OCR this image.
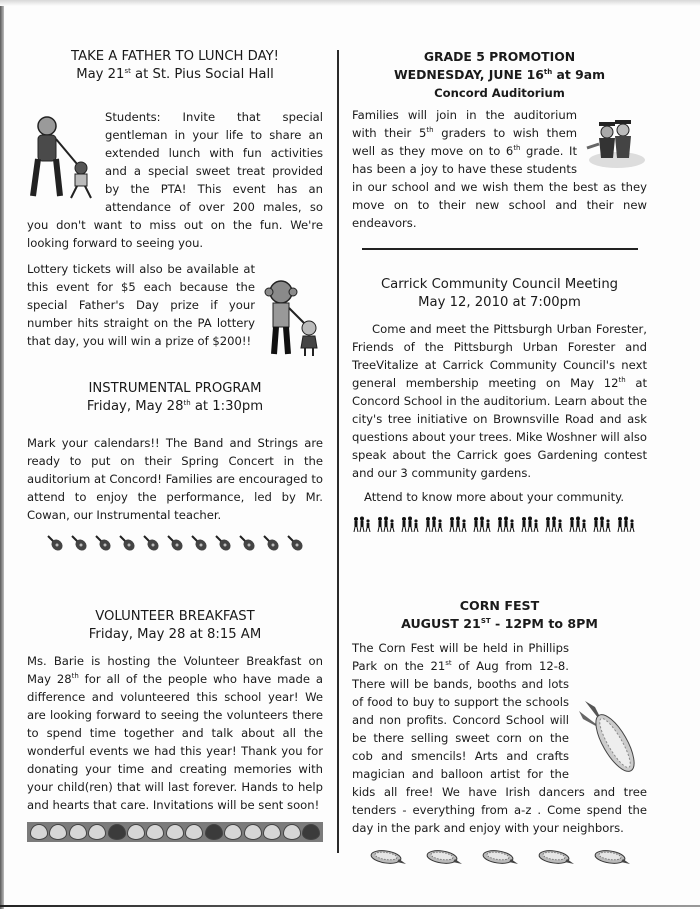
TAKE A FATHER TO LUNCH DAY!
May 21st at St. Pius Social Hall

Students: Invite that special gentleman in your life to share an extended lunch with fun activities and a special sweet treat provided by the PTA! This event has an attendance of over 200 males, so you don't want to miss out on the fun. We're looking forward to seeing you.

Lottery tickets will also be available at this event for $5 each because the special Father's Day prize if your number hits straight on the PA lottery that day, you will win a prize of $200!!

INSTRUMENTAL PROGRAM
Friday, May 28th at 1:30pm
Mark your calendars!! The Band and Strings are ready to put on their Spring Concert in the auditorium at Concord! Families are encouraged to attend to enjoy the performance, led by Mr. Cowan, our Instrumental teacher.
VOLUNTEER BREAKFAST
Friday, May 28 at 8:15 AM
Ms. Barie is hosting the Volunteer Breakfast on May 28th for all of the people who have made a difference and volunteered this school year! We are looking forward to seeing the volunteers there to spend time together and talk about all the wonderful events we had this year! Thank you for donating your time and creating memories with your child(ren) that will last forever. Hands to help and hearts that care. Invitations will be sent soon!
GRADE 5 PROMOTION
WEDNESDAY, JUNE 16th at 9am
Concord Auditorium
Families will join in the auditorium with their 5th graders to wish them well as they move on to 6th grade. It has been a joy to have these students in our school and we wish them the best as they move on to their new school and their new endeavors.
Carrick Community Council Meeting
May 12, 2010 at 7:00pm
Come and meet the Pittsburgh Urban Forester, Friends of the Pittsburgh Urban Forester and TreeVitalize at Carrick Community Council's next general membership meeting on May 12th at Concord School in the auditorium. Learn about the city's tree initiative on Brownsville Road and ask questions about your trees. Mike Woshner will also speak about the Carrick goes Gardening contest and our 3 community gardens.
Attend to know more about your community.
CORN FEST
AUGUST 21ST - 12PM to 8PM
The Corn Fest will be held in Phillips Park on the 21st of Aug from 12-8. There will be bands, booths and lots of food to buy to support the schools and non profits. Concord School will be there selling sweet corn on the cob and smencils! Arts and crafts magician and balloon artist for the kids all free! We have Irish dancers and tree tenders - everything from a-z . Come spend the day in the park and enjoy with your neighbors.
